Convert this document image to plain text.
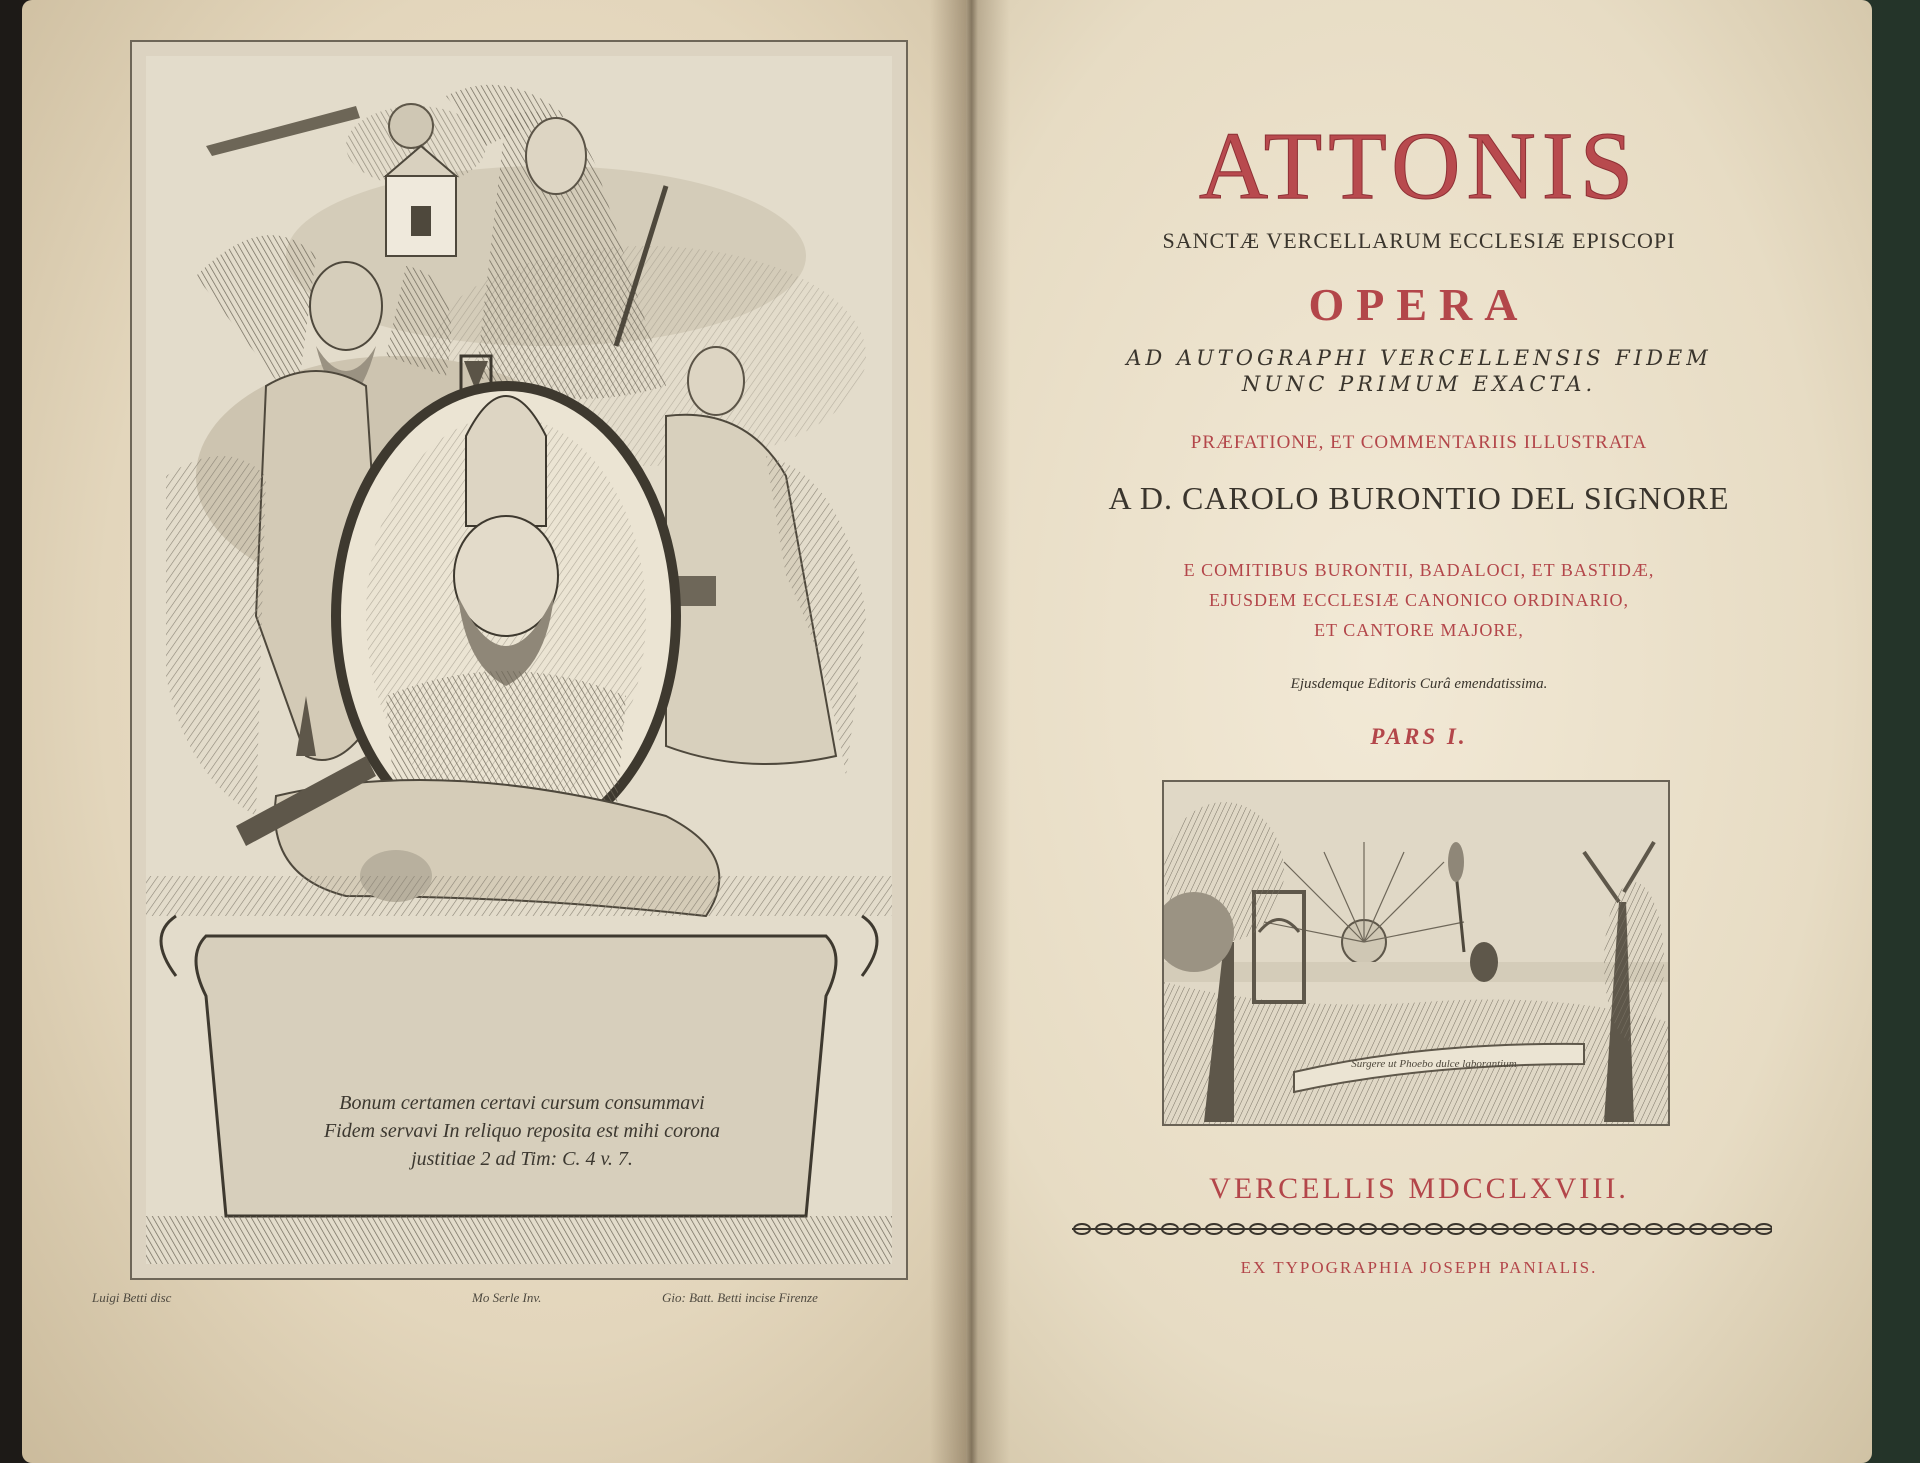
Bonum certamen certavi cursum consummavi
Fidem servavi In reliquo reposita est mihi corona
justitiae 2 ad Tim: C. 4 v. 7.
Luigi Betti disc	Mo Serle Inv.	Gio: Batt. Betti incise Firenze
ATTONIS
SANCTÆ VERCELLARUM ECCLESIÆ EPISCOPI
OPERA
AD AUTOGRAPHI VERCELLENSIS FIDEM
NUNC PRIMUM EXACTA.
PRÆFATIONE, ET COMMENTARIIS ILLUSTRATA
A D. CAROLO BURONTIO DEL SIGNORE
E COMITIBUS BURONTII, BADALOCI, ET BASTIDÆ,
EJUSDEM ECCLESIÆ CANONICO ORDINARIO,
ET CANTORE MAJORE,
Ejusdemque Editoris Curâ emendatissima.
PARS I.
Surgere ut Phoebo dulce laborantium
VERCELLIS MDCCLXVIII.
EX TYPOGRAPHIA JOSEPH PANIALIS.
